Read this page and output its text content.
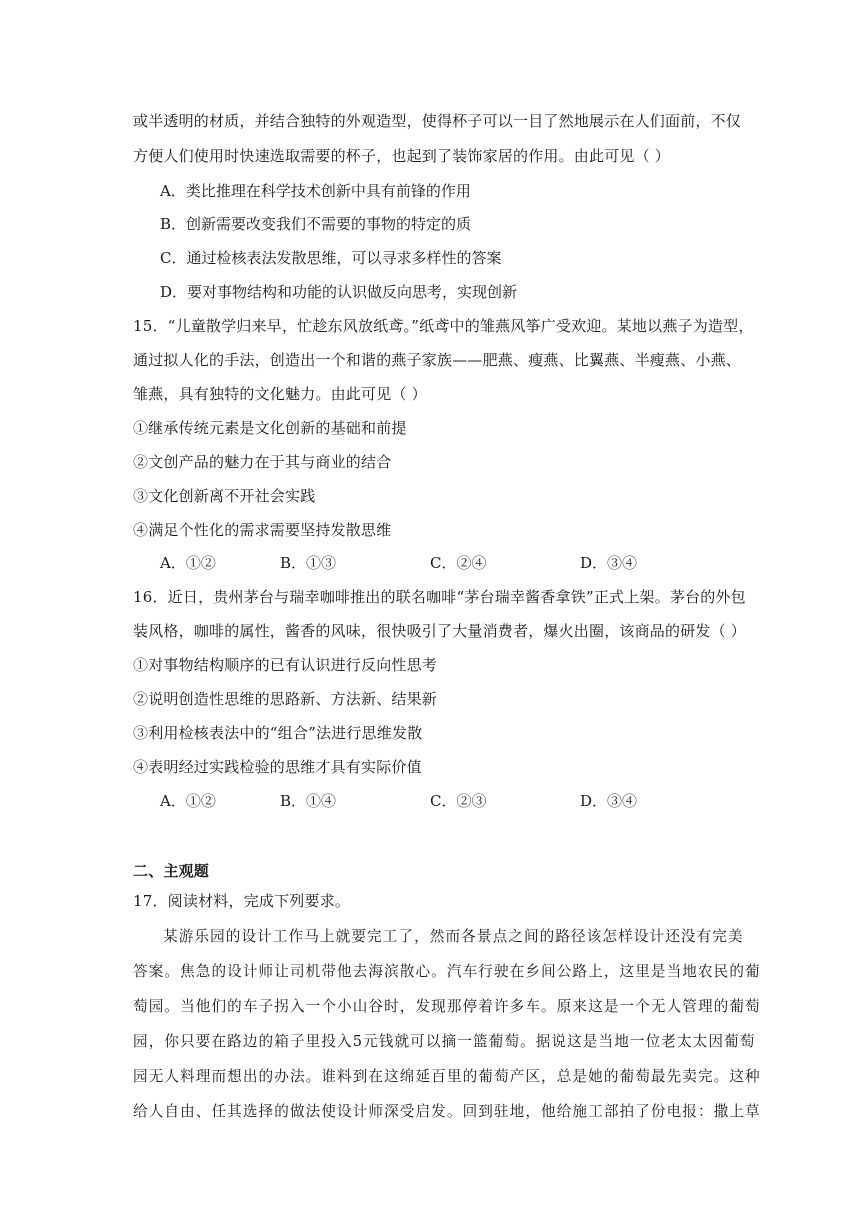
或半透明的材质，并结合独特的外观造型，使得杯子可以一目了然地展示在人们面前，不仅
方便人们使用时快速选取需要的杯子，也起到了装饰家居的作用。由此可见（ ）
A．类比推理在科学技术创新中具有前锋的作用
B．创新需要改变我们不需要的事物的特定的质
C．通过检核表法发散思维，可以寻求多样性的答案
D．要对事物结构和功能的认识做反向思考，实现创新
15．“儿童散学归来早，忙趁东风放纸鸢。”纸鸢中的雏燕风筝广受欢迎。某地以燕子为造型，
通过拟人化的手法，创造出一个和谐的燕子家族——肥燕、瘦燕、比翼燕、半瘦燕、小燕、
雏燕，具有独特的文化魅力。由此可见（ ）
①继承传统元素是文化创新的基础和前提
②文创产品的魅力在于其与商业的结合
③文化创新离不开社会实践
④满足个性化的需求需要坚持发散思维
A．①②	B．①③	C．②④	D．③④
16．近日，贵州茅台与瑞幸咖啡推出的联名咖啡“茅台瑞幸酱香拿铁”正式上架。茅台的外包
装风格，咖啡的属性，酱香的风味，很快吸引了大量消费者，爆火出圈，该商品的研发（ ）
①对事物结构顺序的已有认识进行反向性思考
②说明创造性思维的思路新、方法新、结果新
③利用检核表法中的“组合”法进行思维发散
④表明经过实践检验的思维才具有实际价值
A．①②	B．①④	C．②③	D．③④
二、主观题
17．阅读材料，完成下列要求。
某游乐园的设计工作马上就要完工了，然而各景点之间的路径该怎样设计还没有完美
答案。焦急的设计师让司机带他去海滨散心。汽车行驶在乡间公路上，这里是当地农民的葡
萄园。当他们的车子拐入一个小山谷时，发现那停着许多车。原来这是一个无人管理的葡萄
园，你只要在路边的箱子里投入5元钱就可以摘一篮葡萄。据说这是当地一位老太太因葡萄
园无人料理而想出的办法。谁料到在这绵延百里的葡萄产区，总是她的葡萄最先卖完。这种
给人自由、任其选择的做法使设计师深受启发。回到驻地，他给施工部拍了份电报：撒上草
